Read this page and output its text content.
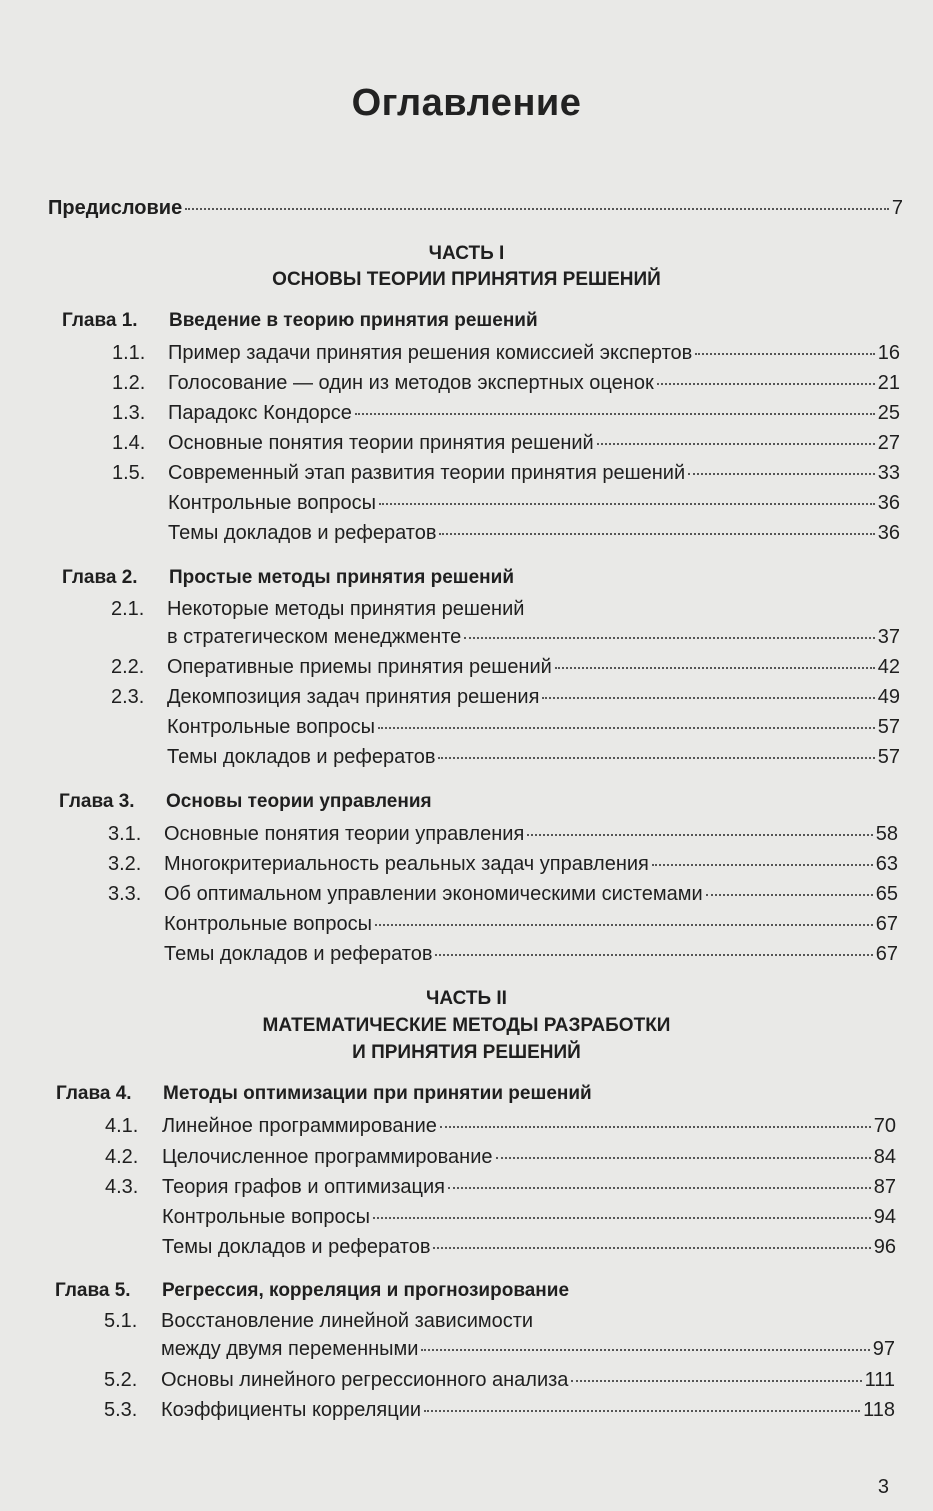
Оглавление
Предисловие	7
ЧАСТЬ I
ОСНОВЫ ТЕОРИИ ПРИНЯТИЯ РЕШЕНИЙ
Глава 1. Введение в теорию принятия решений
1.1. Пример задачи принятия решения комиссией экспертов	16
1.2. Голосование — один из методов экспертных оценок	21
1.3. Парадокс Кондорсе	25
1.4. Основные понятия теории принятия решений	27
1.5. Современный этап развития теории принятия решений	33
Контрольные вопросы	36
Темы докладов и рефератов	36
Глава 2. Простые методы принятия решений
2.1. Некоторые методы принятия решений
в стратегическом менеджменте	37
2.2. Оперативные приемы принятия решений	42
2.3. Декомпозиция задач принятия решения	49
Контрольные вопросы	57
Темы докладов и рефератов	57
Глава 3. Основы теории управления
3.1. Основные понятия теории управления	58
3.2. Многокритериальность реальных задач управления	63
3.3. Об оптимальном управлении экономическими системами	65
Контрольные вопросы	67
Темы докладов и рефератов	67
ЧАСТЬ II
МАТЕМАТИЧЕСКИЕ МЕТОДЫ РАЗРАБОТКИ
И ПРИНЯТИЯ РЕШЕНИЙ
Глава 4. Методы оптимизации при принятии решений
4.1. Линейное программирование	70
4.2. Целочисленное программирование	84
4.3. Теория графов и оптимизация	87
Контрольные вопросы	94
Темы докладов и рефератов	96
Глава 5. Регрессия, корреляция и прогнозирование
5.1. Восстановление линейной зависимости
между двумя переменными	97
5.2. Основы линейного регрессионного анализа	111
5.3. Коэффициенты корреляции	118
3
